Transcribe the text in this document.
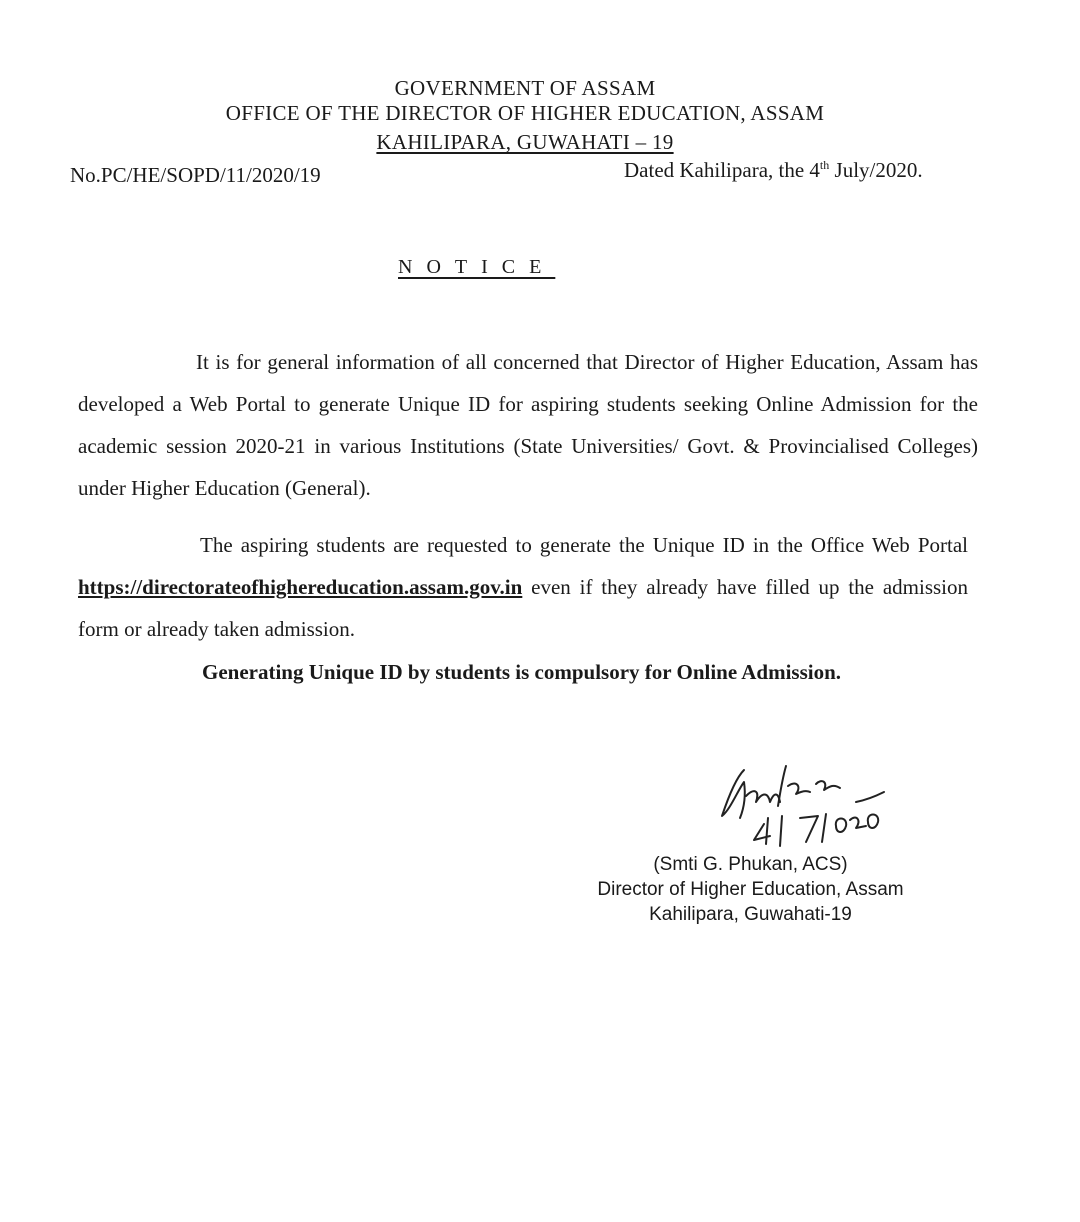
GOVERNMENT OF ASSAM
OFFICE OF THE DIRECTOR OF HIGHER EDUCATION, ASSAM
KAHILIPARA, GUWAHATI – 19
No.PC/HE/SOPD/11/2020/19	Dated Kahilipara, the 4th July/2020.
NOTICE
It is for general information of all concerned that Director of Higher Education, Assam has developed a Web Portal to generate Unique ID for aspiring students seeking Online Admission for the academic session 2020-21 in various Institutions (State Universities/ Govt. & Provincialised Colleges) under Higher Education (General).
The aspiring students are requested to generate the Unique ID in the Office Web Portal https://directorateofhighereducation.assam.gov.in even if they already have filled up the admission form or already taken admission.
Generating Unique ID by students is compulsory for Online Admission.
(Smti G. Phukan, ACS)
Director of Higher Education, Assam
Kahilipara, Guwahati-19
